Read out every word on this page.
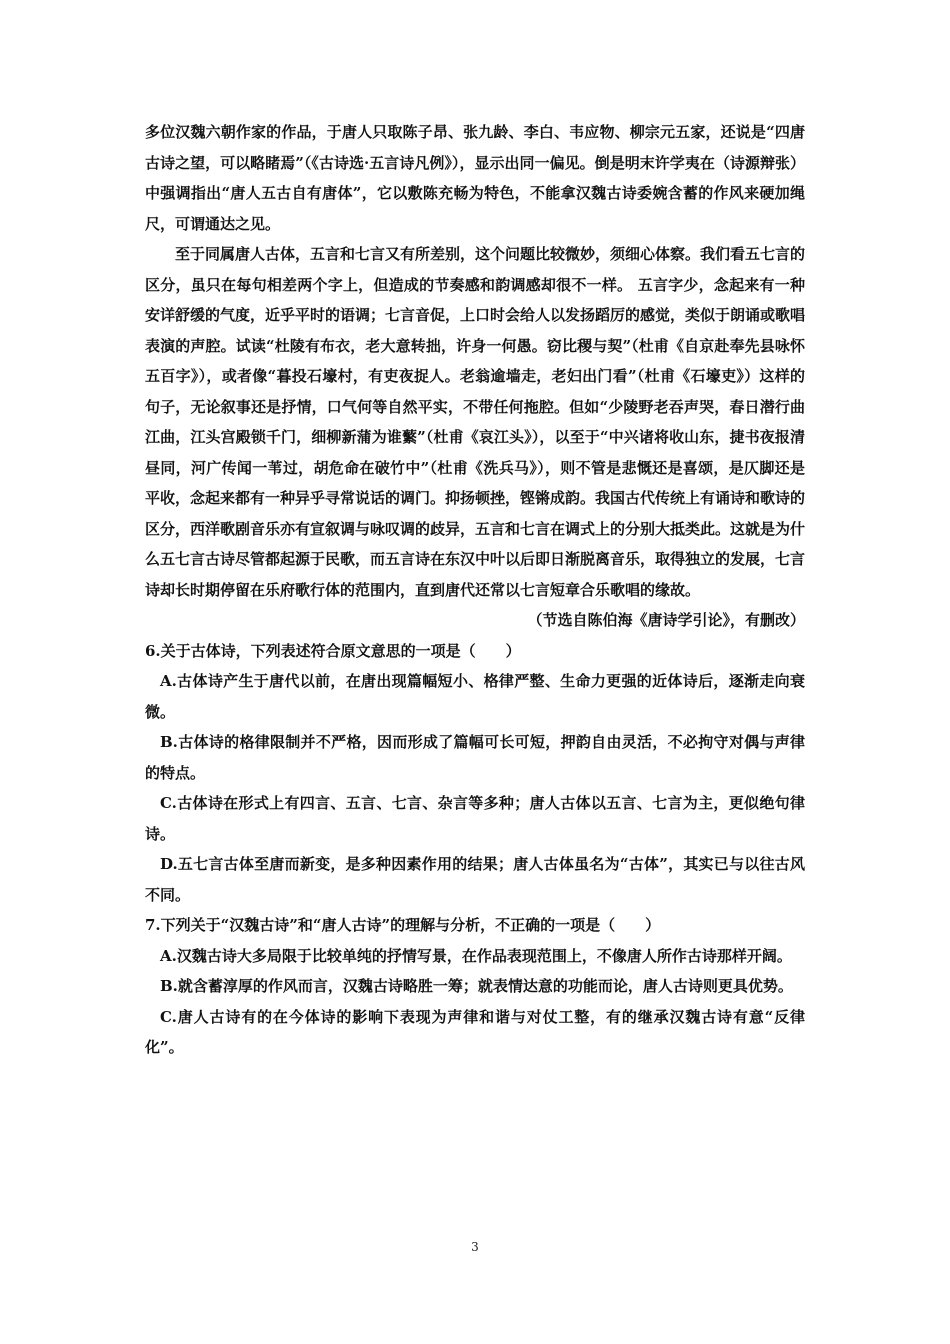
多位汉魏六朝作家的作品，于唐人只取陈子昂、张九龄、李白、韦应物、柳宗元五家，还说是“四唐古诗之望，可以略睹焉”（《古诗选·五言诗凡例》），显示出同一偏见。倒是明末许学夷在（诗源辩张）中强调指出“唐人五古自有唐体”，它以敷陈充畅为特色，不能拿汉魏古诗委婉含蓄的作风来硬加绳尺，可谓通达之见。

至于同属唐人古体，五言和七言又有所差别，这个问题比较微妙，须细心体察。我们看五七言的区分，虽只在每句相差两个字上，但造成的节奏感和韵调感却很不一样。 五言字少，念起来有一种安详舒缓的气度，近乎平时的语调；七言音促，上口时会给人以发扬蹈厉的感觉，类似于朗诵或歌唱表演的声腔。试读“杜陵有布衣，老大意转拙，许身一何愚。窃比稷与契”（杜甫《自京赴奉先县咏怀五百字》），或者像“暮投石壕村，有吏夜捉人。老翁逾墙走，老妇出门看”（杜甫《石壕吏》）这样的句子，无论叙事还是抒情，口气何等自然平实，不带任何拖腔。但如“少陵野老吞声哭，春日潜行曲江曲，江头宫殿锁千门，细柳新蒲为谁蘩”（杜甫《哀江头》），以至于“中兴诸将收山东，捷书夜报清昼同，河广传闻一苇过，胡危命在破竹中”（杜甫《洗兵马》），则不管是悲慨还是喜颂，是仄脚还是平收，念起来都有一种异乎寻常说话的调门。抑扬顿挫，铿锵成韵。我国古代传统上有诵诗和歌诗的区分，西洋歌剧音乐亦有宣叙调与咏叹调的歧异，五言和七言在调式上的分别大抵类此。这就是为什么五七言古诗尽管都起源于民歌，而五言诗在东汉中叶以后即日渐脱离音乐，取得独立的发展，七言诗却长时期停留在乐府歌行体的范围内，直到唐代还常以七言短章合乐歌唱的缘故。

（节选自陈伯海《唐诗学引论》，有删改）

6.关于古体诗，下列表述符合原文意思的一项是（　　）

A.古体诗产生于唐代以前，在唐出现篇幅短小、格律严整、生命力更强的近体诗后，逐渐走向衰微。

B.古体诗的格律限制并不严格，因而形成了篇幅可长可短，押韵自由灵活，不必拘守对偶与声律的特点。

C.古体诗在形式上有四言、五言、七言、杂言等多种；唐人古体以五言、七言为主，更似绝句律诗。

D.五七言古体至唐而新变，是多种因素作用的结果；唐人古体虽名为“古体”，其实已与以往古风不同。

7.下列关于“汉魏古诗”和“唐人古诗”的理解与分析，不正确的一项是（　　）

A.汉魏古诗大多局限于比较单纯的抒情写景，在作品表现范围上，不像唐人所作古诗那样开阔。

B.就含蓄淳厚的作风而言，汉魏古诗略胜一筹；就表情达意的功能而论，唐人古诗则更具优势。

C.唐人古诗有的在今体诗的影响下表现为声律和谐与对仗工整，有的继承汉魏古诗有意“反律化”。

3
